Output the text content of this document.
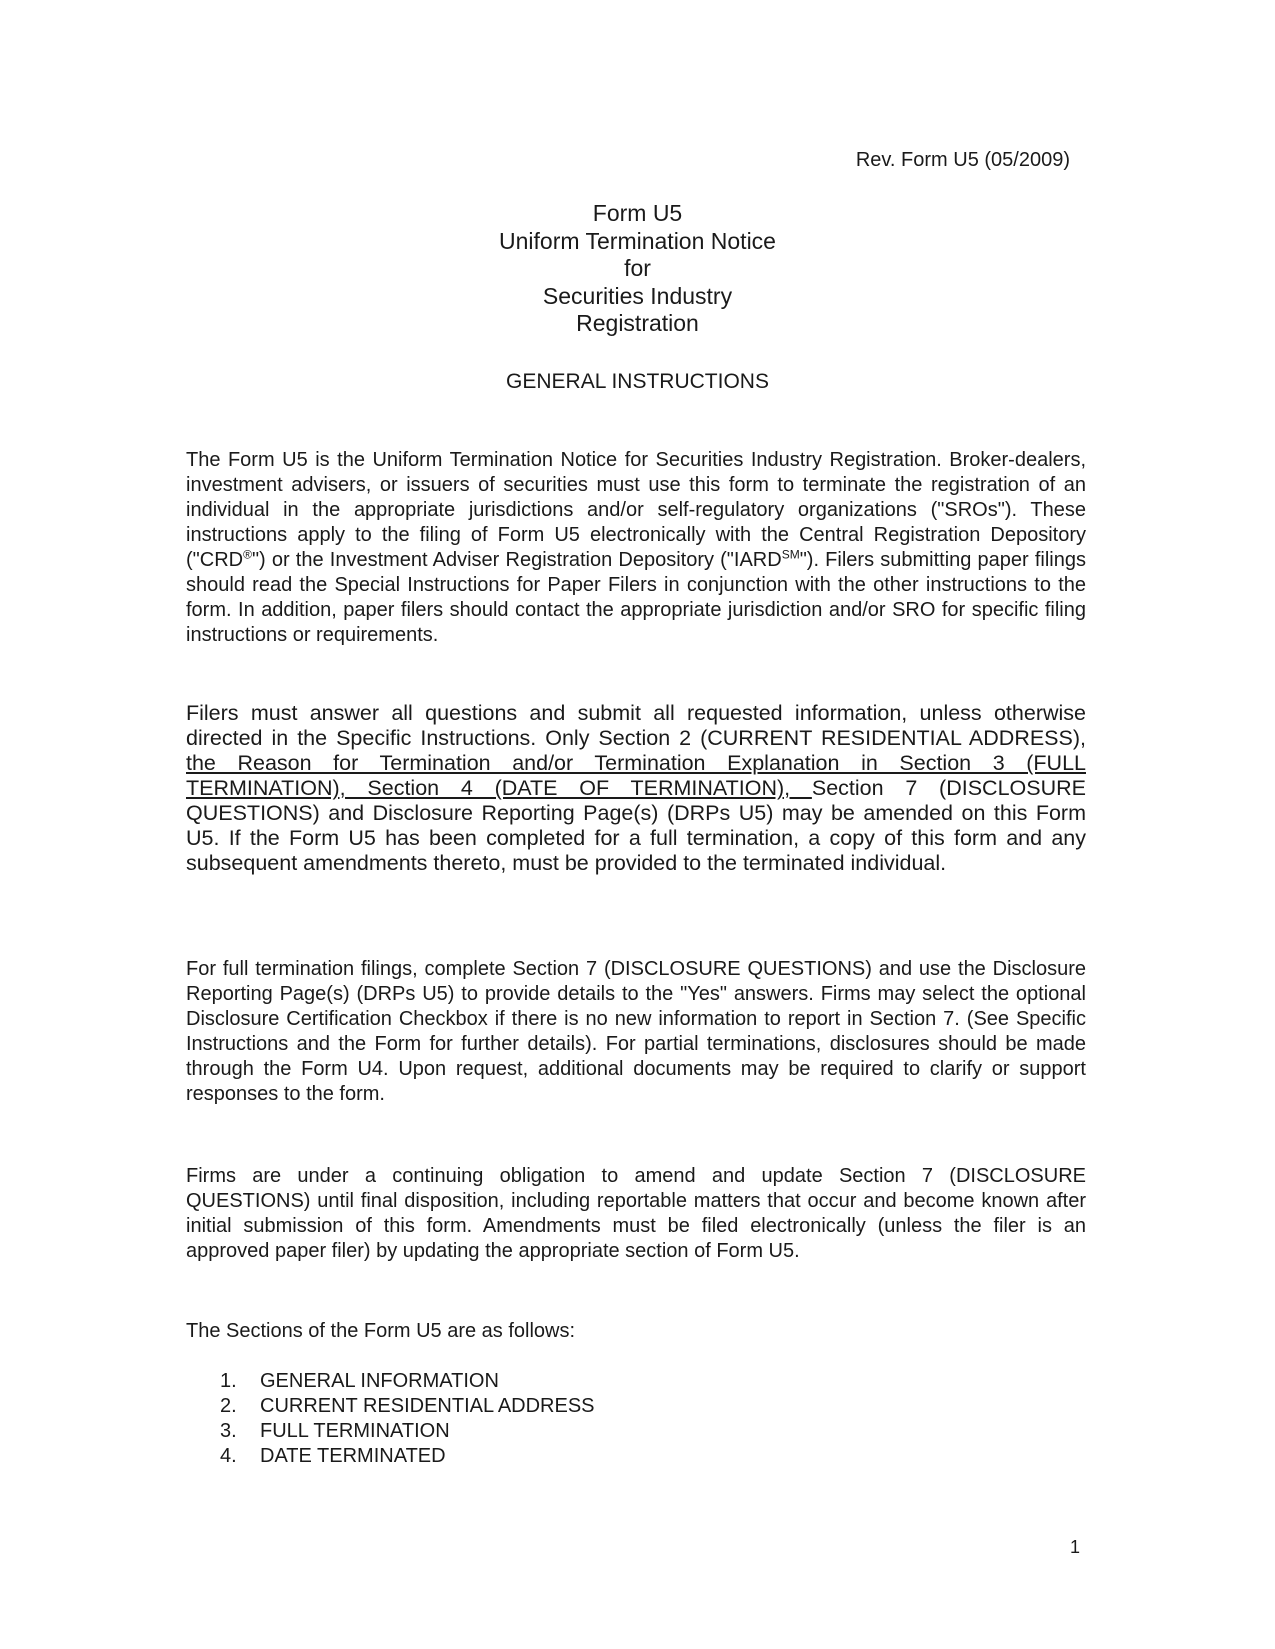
Rev. Form U5 (05/2009)
Form U5
Uniform Termination Notice
for
Securities Industry
Registration
GENERAL INSTRUCTIONS

The Form U5 is the Uniform Termination Notice for Securities Industry Registration. Broker-dealers, investment advisers, or issuers of securities must use this form to terminate the registration of an individual in the appropriate jurisdictions and/or self-regulatory organizations ("SROs"). These instructions apply to the filing of Form U5 electronically with the Central Registration Depository ("CRD®") or the Investment Adviser Registration Depository ("IARD℠"). Filers submitting paper filings should read the Special Instructions for Paper Filers in conjunction with the other instructions to the form. In addition, paper filers should contact the appropriate jurisdiction and/or SRO for specific filing instructions or requirements.

Filers must answer all questions and submit all requested information, unless otherwise directed in the Specific Instructions. Only Section 2 (CURRENT RESIDENTIAL ADDRESS), the Reason for Termination and/or Termination Explanation in Section 3 (FULL TERMINATION), Section 4 (DATE OF TERMINATION), Section 7 (DISCLOSURE QUESTIONS) and Disclosure Reporting Page(s) (DRPs U5) may be amended on this Form U5. If the Form U5 has been completed for a full termination, a copy of this form and any subsequent amendments thereto, must be provided to the terminated individual.

For full termination filings, complete Section 7 (DISCLOSURE QUESTIONS) and use the Disclosure Reporting Page(s) (DRPs U5) to provide details to the "Yes" answers. Firms may select the optional Disclosure Certification Checkbox if there is no new information to report in Section 7. (See Specific Instructions and the Form for further details). For partial terminations, disclosures should be made through the Form U4. Upon request, additional documents may be required to clarify or support responses to the form.

Firms are under a continuing obligation to amend and update Section 7 (DISCLOSURE QUESTIONS) until final disposition, including reportable matters that occur and become known after initial submission of this form. Amendments must be filed electronically (unless the filer is an approved paper filer) by updating the appropriate section of Form U5.

The Sections of the Form U5 are as follows:

1.	GENERAL INFORMATION
2.	CURRENT RESIDENTIAL ADDRESS
3.	FULL TERMINATION
4.	DATE TERMINATED
1
